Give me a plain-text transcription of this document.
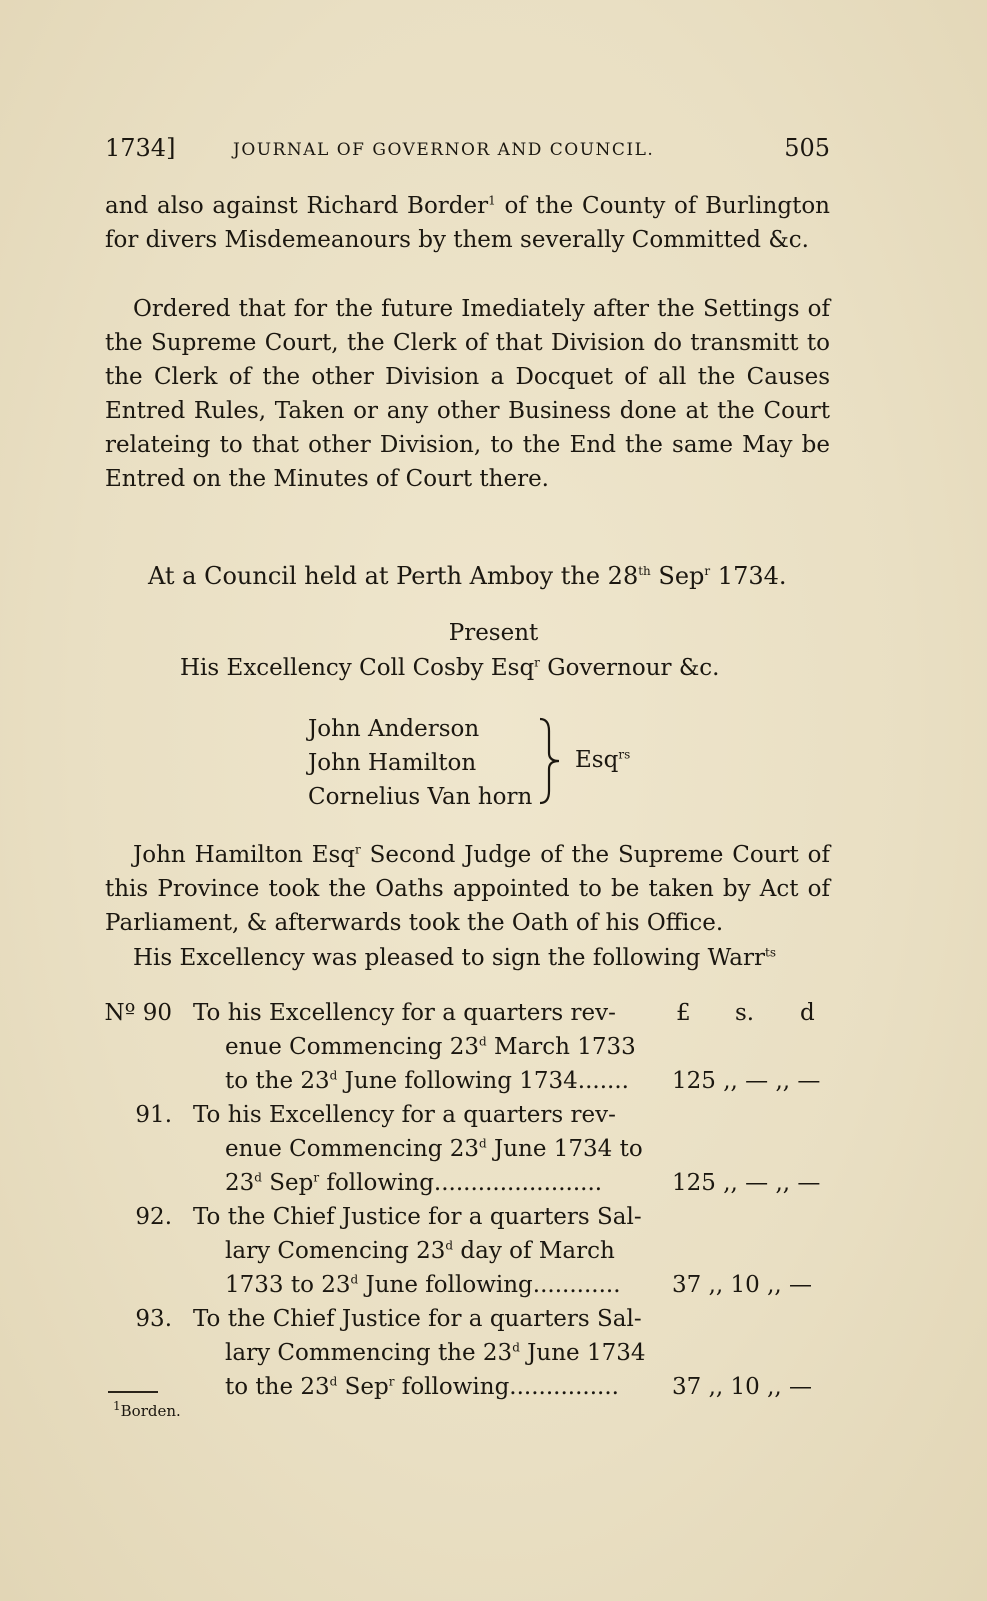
1734]	JOURNAL OF GOVERNOR AND COUNCIL.	505
and also against Richard Border$^1$ of the County of Burlington for divers Misdemeanours by them severally Committed &c.
Ordered that for the future Imediately after the Settings of the Supreme Court, the Clerk of that Division do transmitt to the Clerk of the other Division a Docquet of all the Causes Entred Rules, Taken or any other Business done at the Court relateing to that other Division, to the End the same May be Entred on the Minutes of Court there.
At a Council held at Perth Amboy the 28th Sep$^r$ 1734.
Present
His Excellency Coll Cosby Esq$^r$ Governour &c.
John Anderson
John Hamilton
Cornelius Van horn
Esq$^{rs}$
John Hamilton Esq$^r$ Second Judge of the Supreme Court of this Province took the Oaths appointed to be taken by Act of Parliament, & afterwards took the Oath of his Office.
His Excellency was pleased to sign the following Warr$^{ts}$
Nº 90 To his Excellency for a quarters rev-	£ s. d
enue Commencing 23$^d$ March 1733
to the 23$^d$ June following 1734.......	125 ,, — ,, —
91. To his Excellency for a quarters rev-
enue Commencing 23$^d$ June 1734 to
23$^d$ Sep$^r$ following.......................	125 ,, — ,, —
92. To the Chief Justice for a quarters Sal-
lary Comencing 23$^d$ day of March
1733 to 23$^d$ June following............	37 ,, 10 ,, —
93. To the Chief Justice for a quarters Sal-
lary Commencing the 23$^d$ June 1734
to the 23$^d$ Sep$^r$ following...............	37 ,, 10 ,, —
$^1$Borden.
